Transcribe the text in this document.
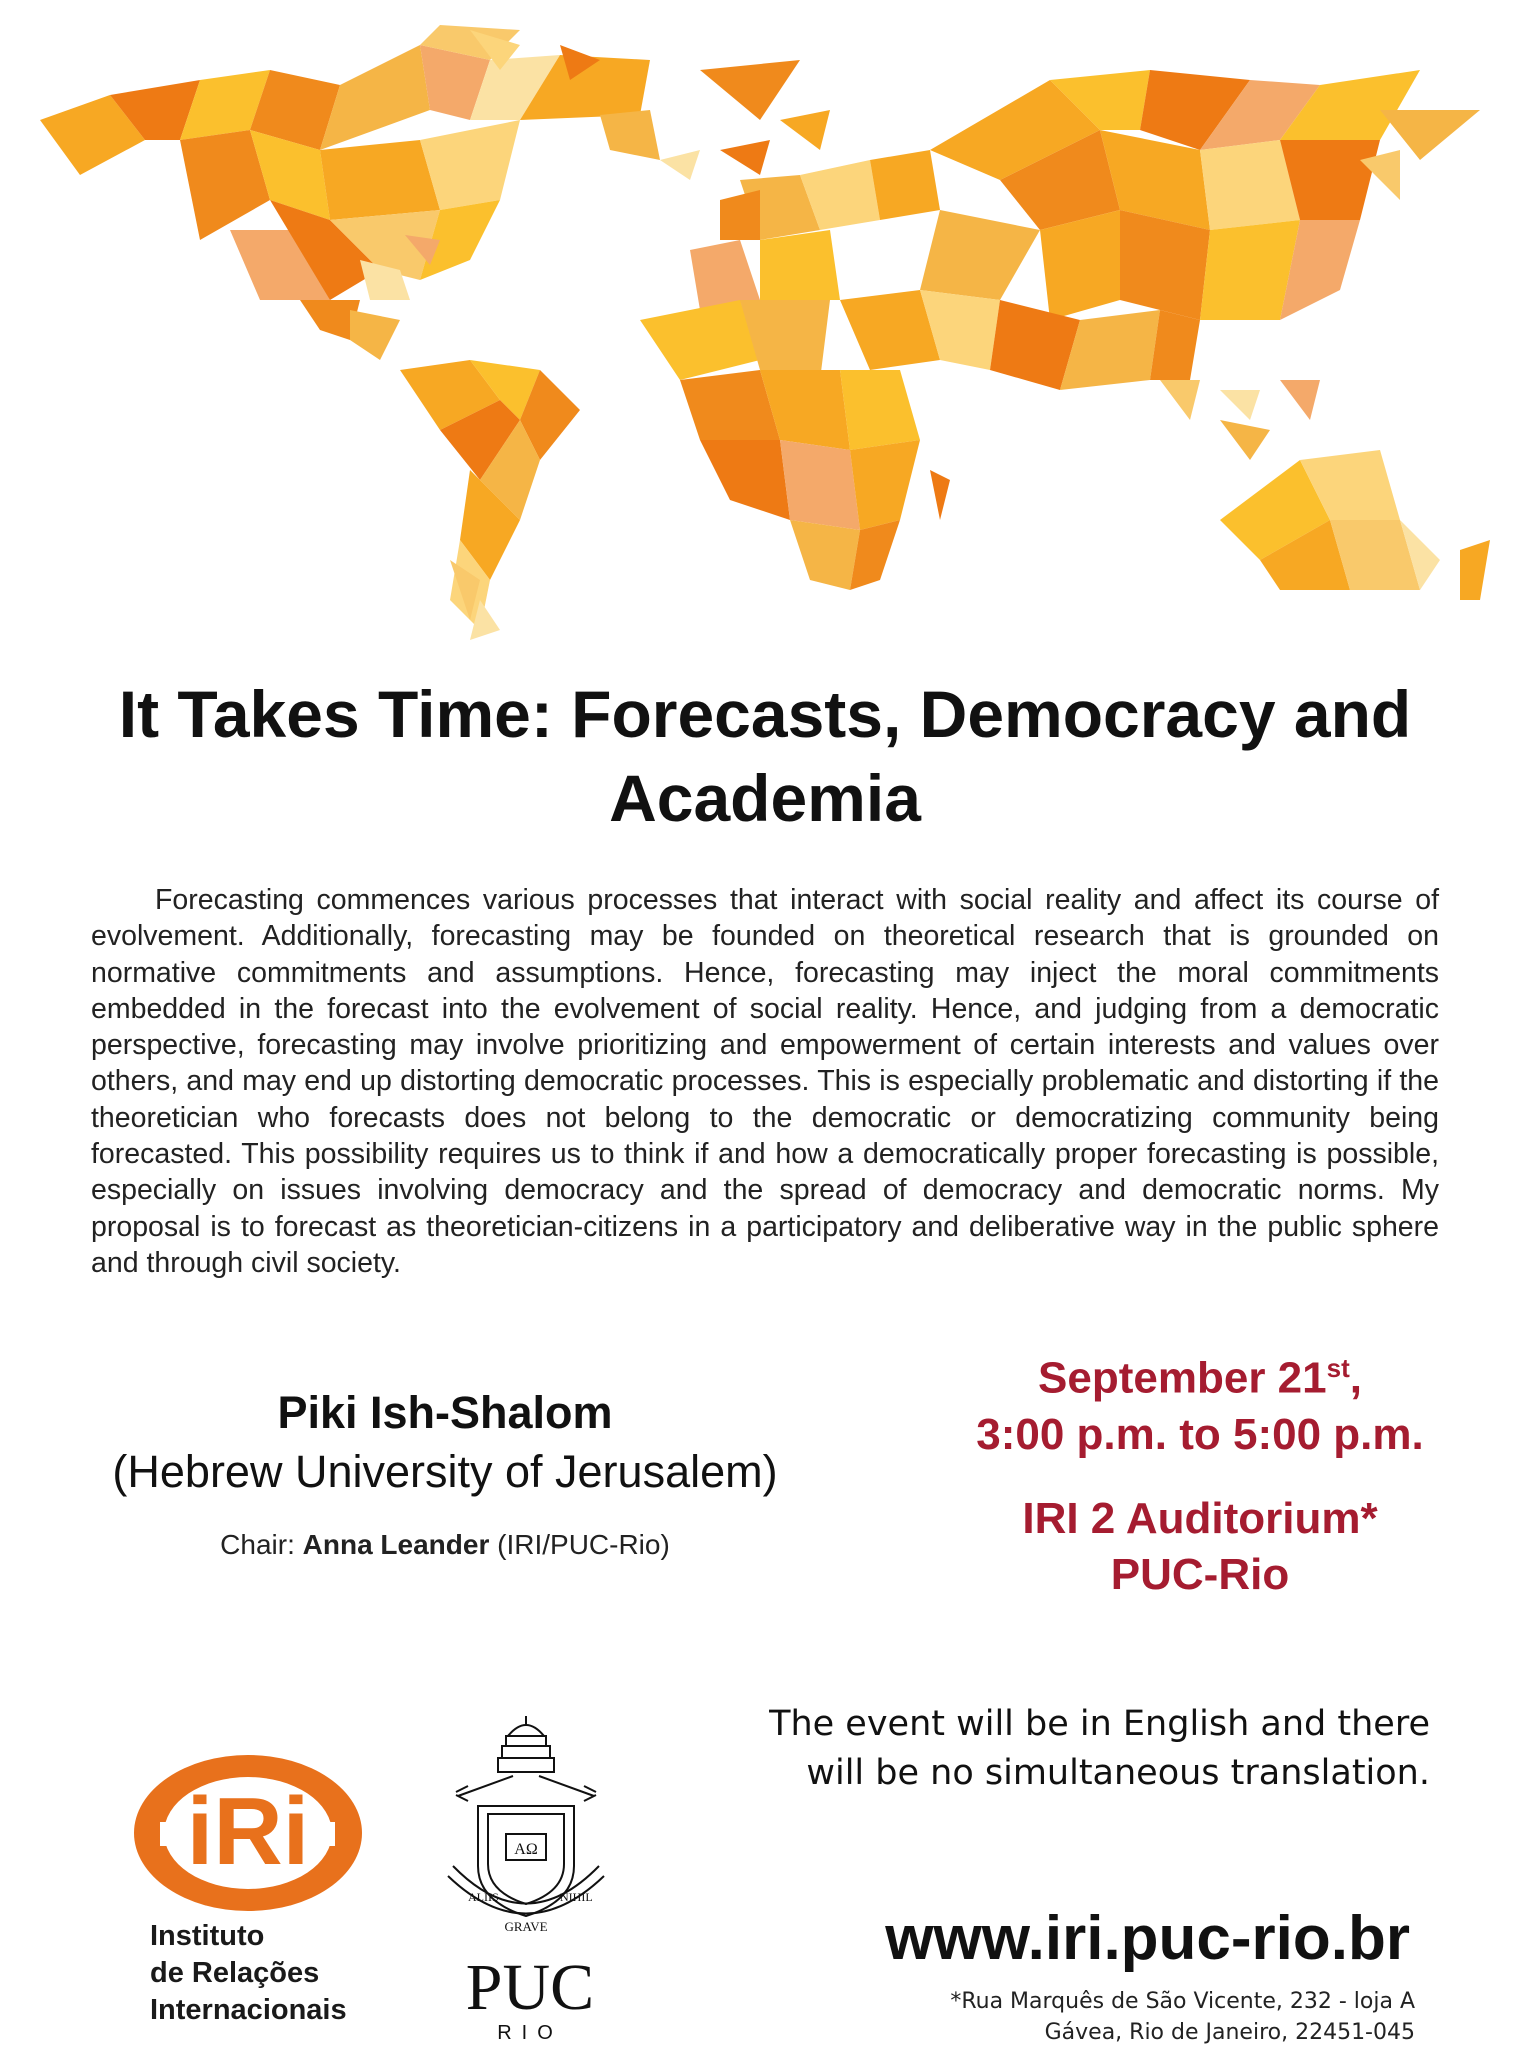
It Takes Time: Forecasts, Democracy and Academia
Forecasting commences various processes that interact with social reality and affect its course of evolvement. Additionally, forecasting may be founded on theoretical research that is grounded on normative commitments and assumptions. Hence, forecasting may inject the moral commitments embedded in the forecast into the evolvement of social reality. Hence, and judging from a democratic perspective, forecasting may involve prioritizing and empowerment of certain interests and values over others, and may end up distorting democratic processes. This is especially problematic and distorting if the theoretician who forecasts does not belong to the democratic or democratizing community being forecasted. This possibility requires us to think if and how a democratically proper forecasting is possible, especially on issues involving democracy and the spread of democracy and democratic norms. My proposal is to forecast as theoretician-citizens in a participatory and deliberative way in the public sphere and through civil society.
Piki Ish-Shalom
(Hebrew University of Jerusalem)
Chair: Anna Leander (IRI/PUC-Rio)
September 21st,
3:00 p.m. to 5:00 p.m.
IRI 2 Auditorium*
PUC-Rio
The event will be in English and there
will be no simultaneous translation.
www.iri.puc-rio.br
*Rua Marquês de São Vicente, 232 - loja A
Gávea, Rio de Janeiro, 22451-045
iRi
Instituto
de Relações
Internacionais
AΩ
ALIIS
GRAVE
NIHIL
PUC
RIO
